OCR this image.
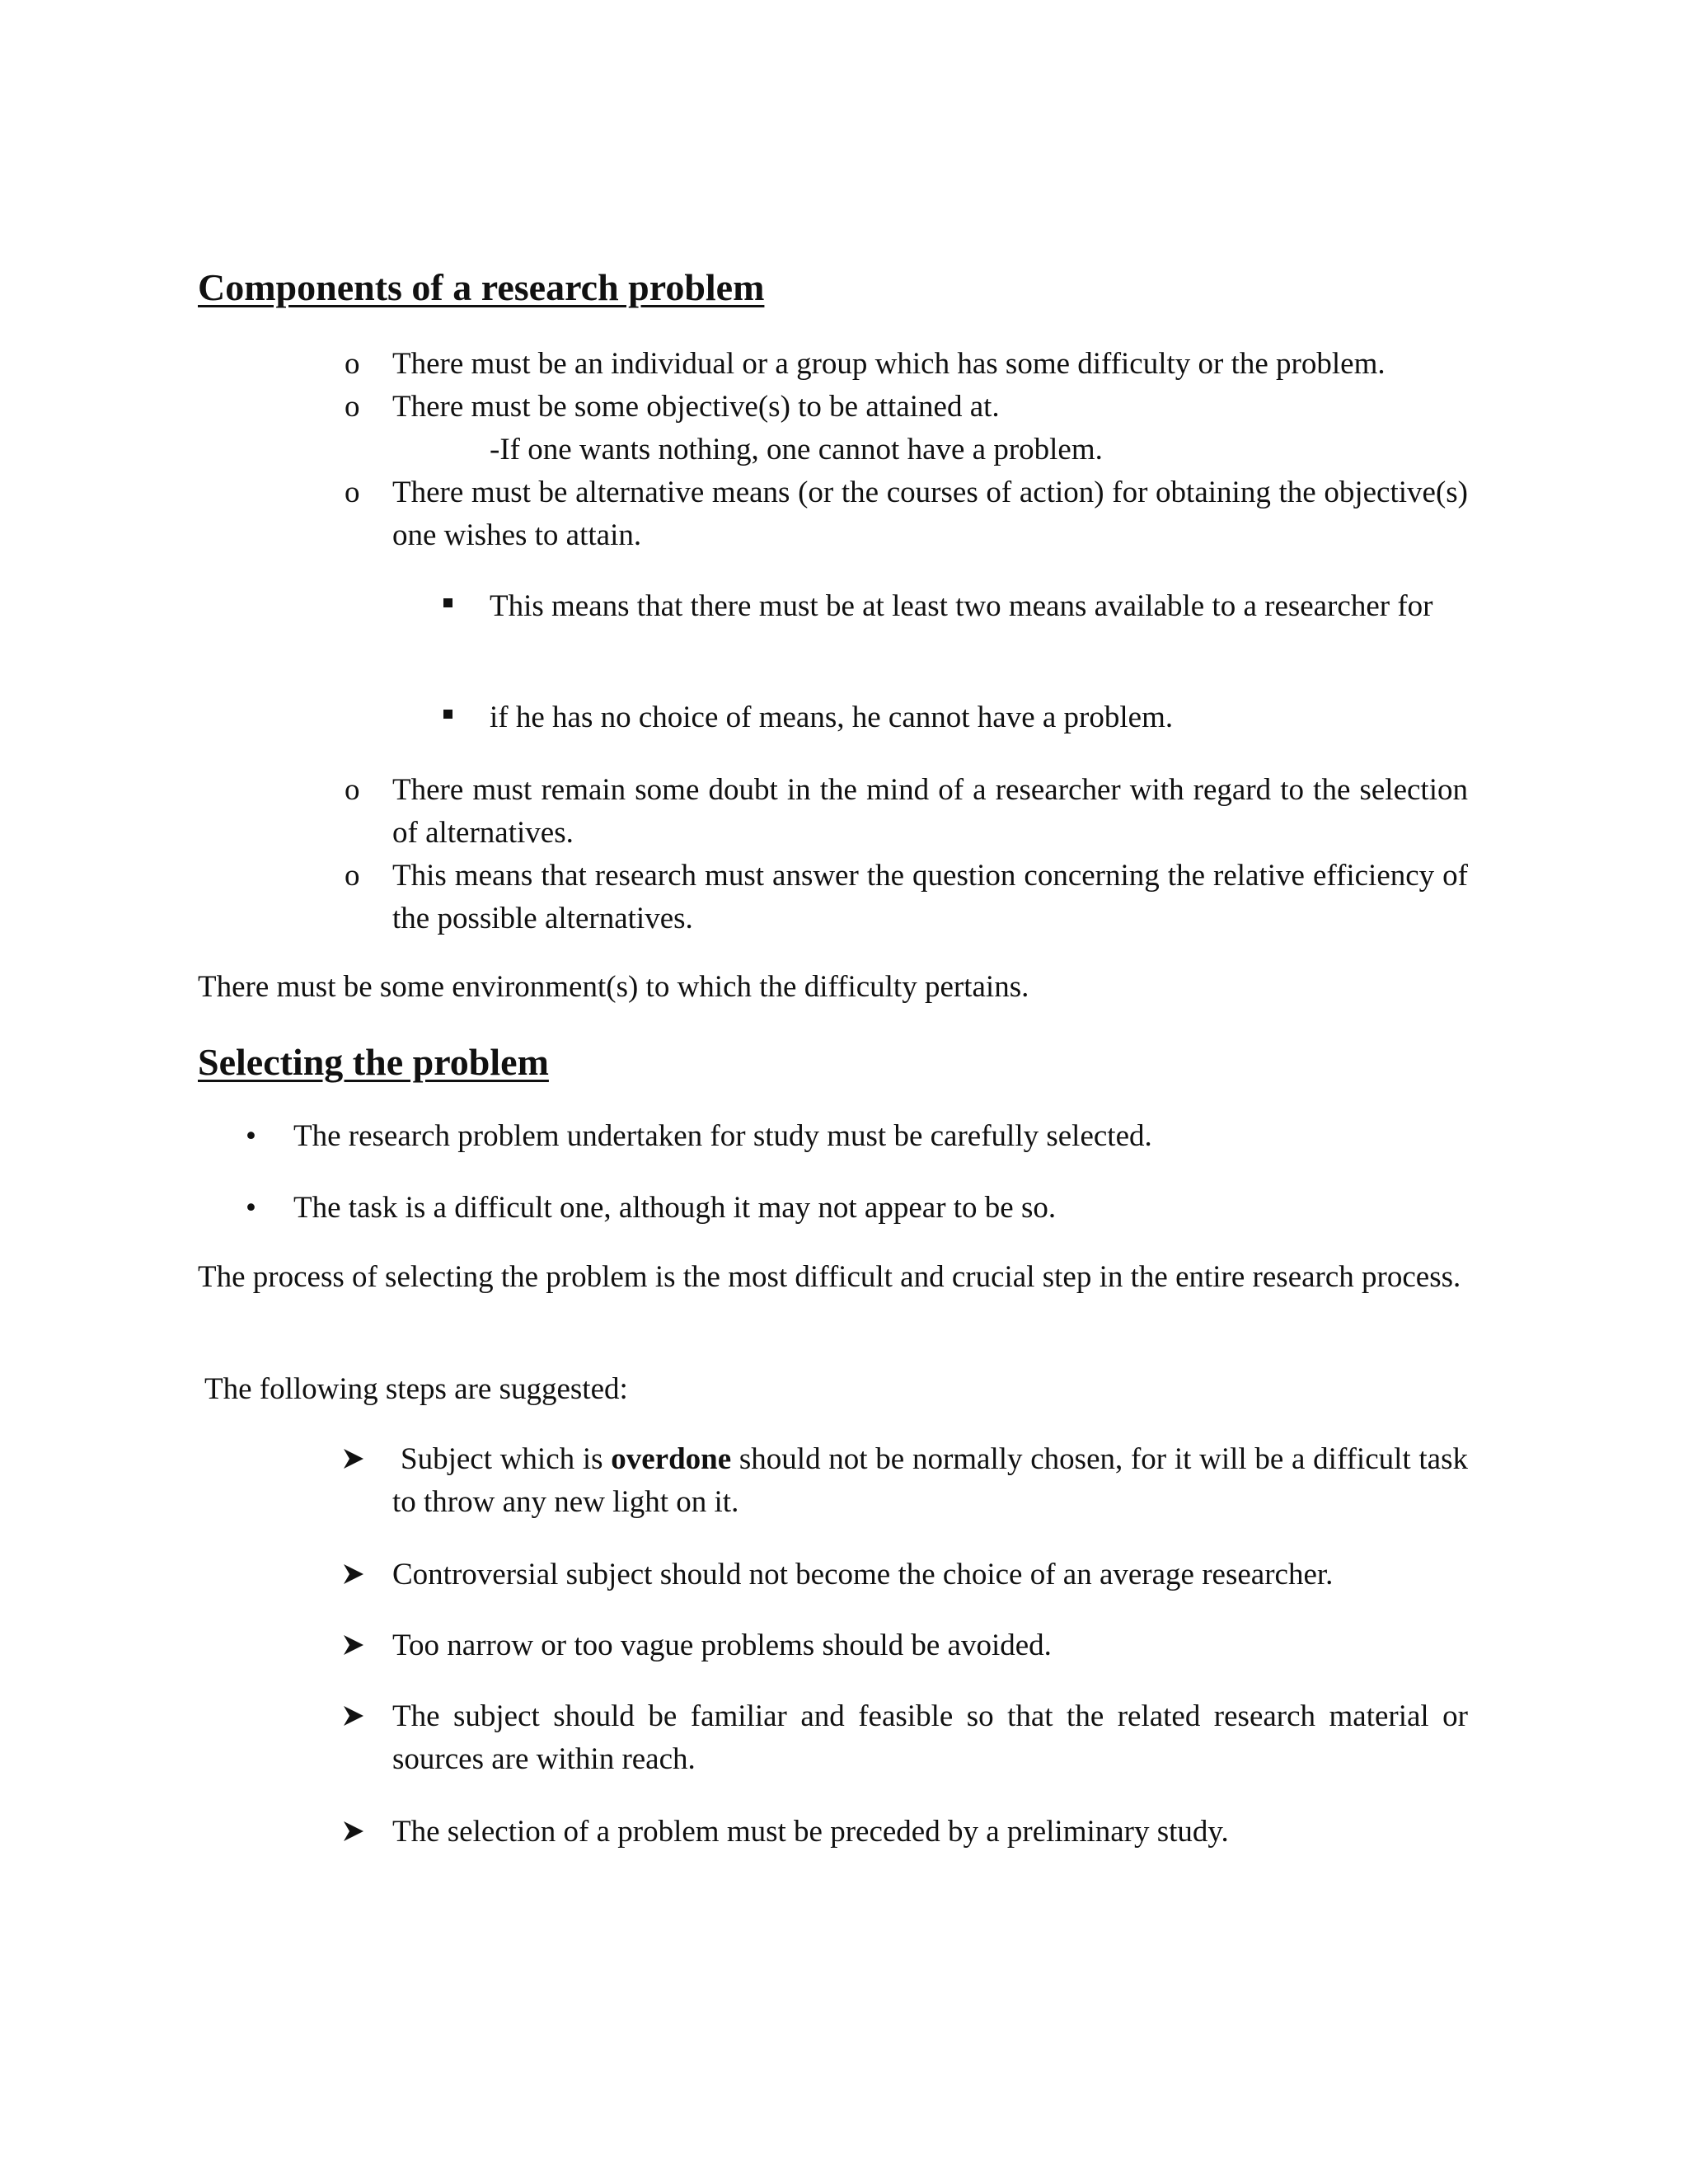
Components of a research problem
o There must be an individual or a group which has some difficulty or the problem.

o There must be some objective(s) to be attained at.

-If one wants nothing, one cannot have a problem.

o There must be alternative means (or the courses of action) for obtaining the objective(s) one wishes to attain.

This means that there must be at least two means available to a researcher for

if he has no choice of means, he cannot have a problem.

o There must remain some doubt in the mind of a researcher with regard to the selection of alternatives.

o This means that research must answer the question concerning the relative efficiency of the possible alternatives.

There must be some environment(s) to which the difficulty pertains.

Selecting the problem
• The research problem undertaken for study must be carefully selected.

• The task is a difficult one, although it may not appear to be so.

The process of selecting the problem is the most difficult and crucial step in the entire research process.

The following steps are suggested:

Subject which is overdone should not be normally chosen, for it will be a difficult task to throw any new light on it.

Controversial subject should not become the choice of an average researcher.

Too narrow or too vague problems should be avoided.

The subject should be familiar and feasible so that the related research material or sources are within reach.

The selection of a problem must be preceded by a preliminary study.
